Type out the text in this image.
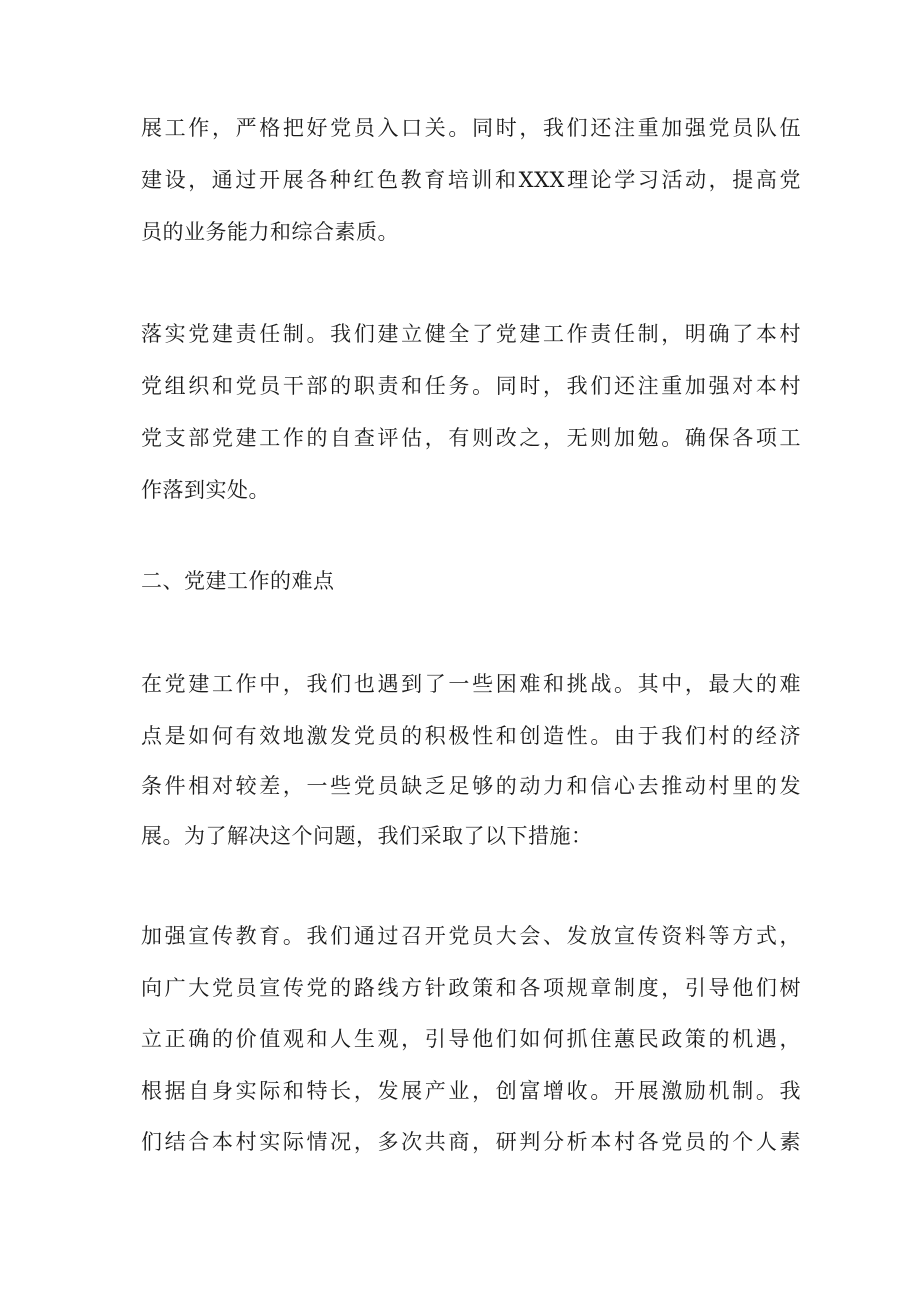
展工作，严格把好党员入口关。同时，我们还注重加强党员队伍
建设，通过开展各种红色教育培训和XXX理论学习活动，提高党
员的业务能力和综合素质。
落实党建责任制。我们建立健全了党建工作责任制，明确了本村
党组织和党员干部的职责和任务。同时，我们还注重加强对本村
党支部党建工作的自查评估，有则改之，无则加勉。确保各项工
作落到实处。
二、党建工作的难点
在党建工作中，我们也遇到了一些困难和挑战。其中，最大的难
点是如何有效地激发党员的积极性和创造性。由于我们村的经济
条件相对较差，一些党员缺乏足够的动力和信心去推动村里的发
展。为了解决这个问题，我们采取了以下措施：
加强宣传教育。我们通过召开党员大会、发放宣传资料等方式，
向广大党员宣传党的路线方针政策和各项规章制度，引导他们树
立正确的价值观和人生观，引导他们如何抓住蕙民政策的机遇，
根据自身实际和特长，发展产业，创富增收。开展激励机制。我
们结合本村实际情况，多次共商，研判分析本村各党员的个人素
